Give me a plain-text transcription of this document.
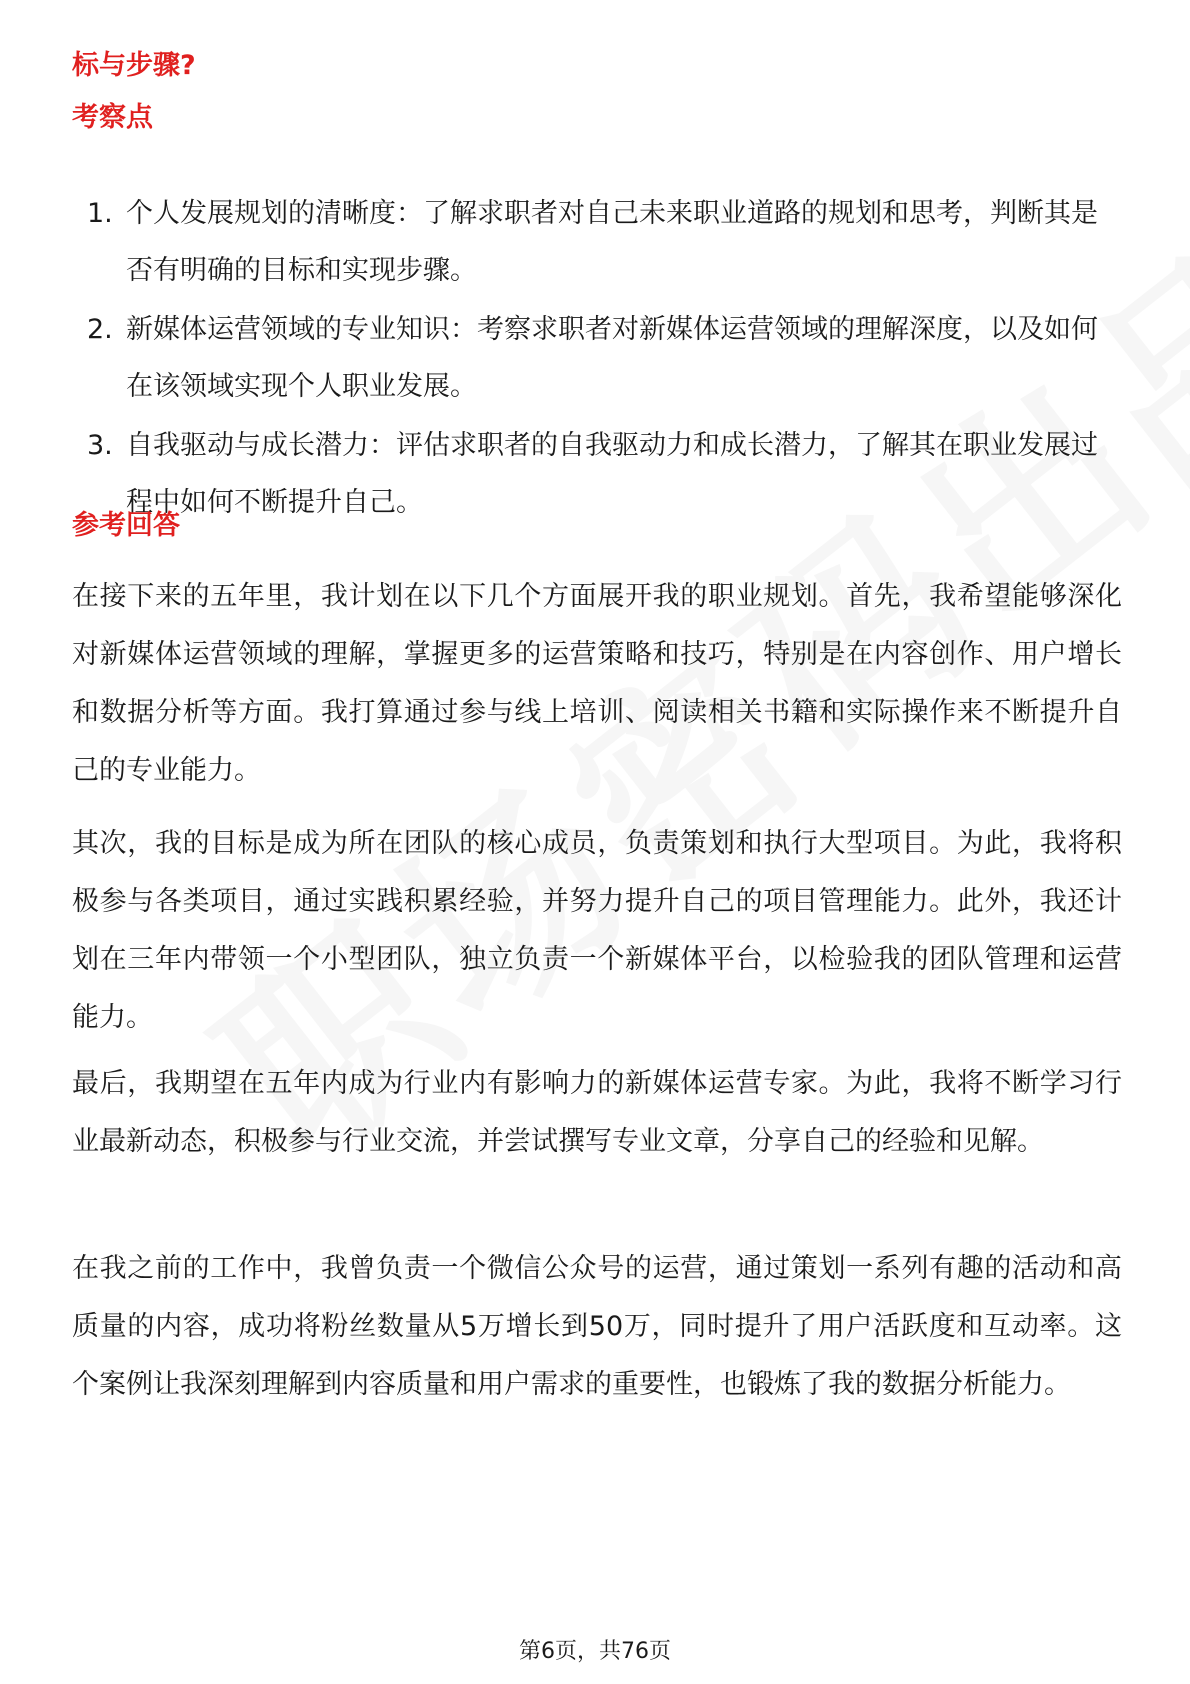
标与步骤?
考察点
1. 个人发展规划的清晰度：了解求职者对自己未来职业道路的规划和思考，判断其是否有明确的目标和实现步骤。
2. 新媒体运营领域的专业知识：考察求职者对新媒体运营领域的理解深度，以及如何在该领域实现个人职业发展。
3. 自我驱动与成长潜力：评估求职者的自我驱动力和成长潜力，了解其在职业发展过程中如何不断提升自己。
参考回答

在接下来的五年里，我计划在以下几个方面展开我的职业规划。首先，我希望能够深化对新媒体运营领域的理解，掌握更多的运营策略和技巧，特别是在内容创作、用户增长和数据分析等方面。我打算通过参与线上培训、阅读相关书籍和实际操作来不断提升自己的专业能力。

其次，我的目标是成为所在团队的核心成员，负责策划和执行大型项目。为此，我将积极参与各类项目，通过实践积累经验，并努力提升自己的项目管理能力。此外，我还计划在三年内带领一个小型团队，独立负责一个新媒体平台，以检验我的团队管理和运营能力。

最后，我期望在五年内成为行业内有影响力的新媒体运营专家。为此，我将不断学习行业最新动态，积极参与行业交流，并尝试撰写专业文章，分享自己的经验和见解。

在我之前的工作中，我曾负责一个微信公众号的运营，通过策划一系列有趣的活动和高质量的内容，成功将粉丝数量从5万增长到50万，同时提升了用户活跃度和互动率。这个案例让我深刻理解到内容质量和用户需求的重要性，也锻炼了我的数据分析能力。

第6页，共76页
